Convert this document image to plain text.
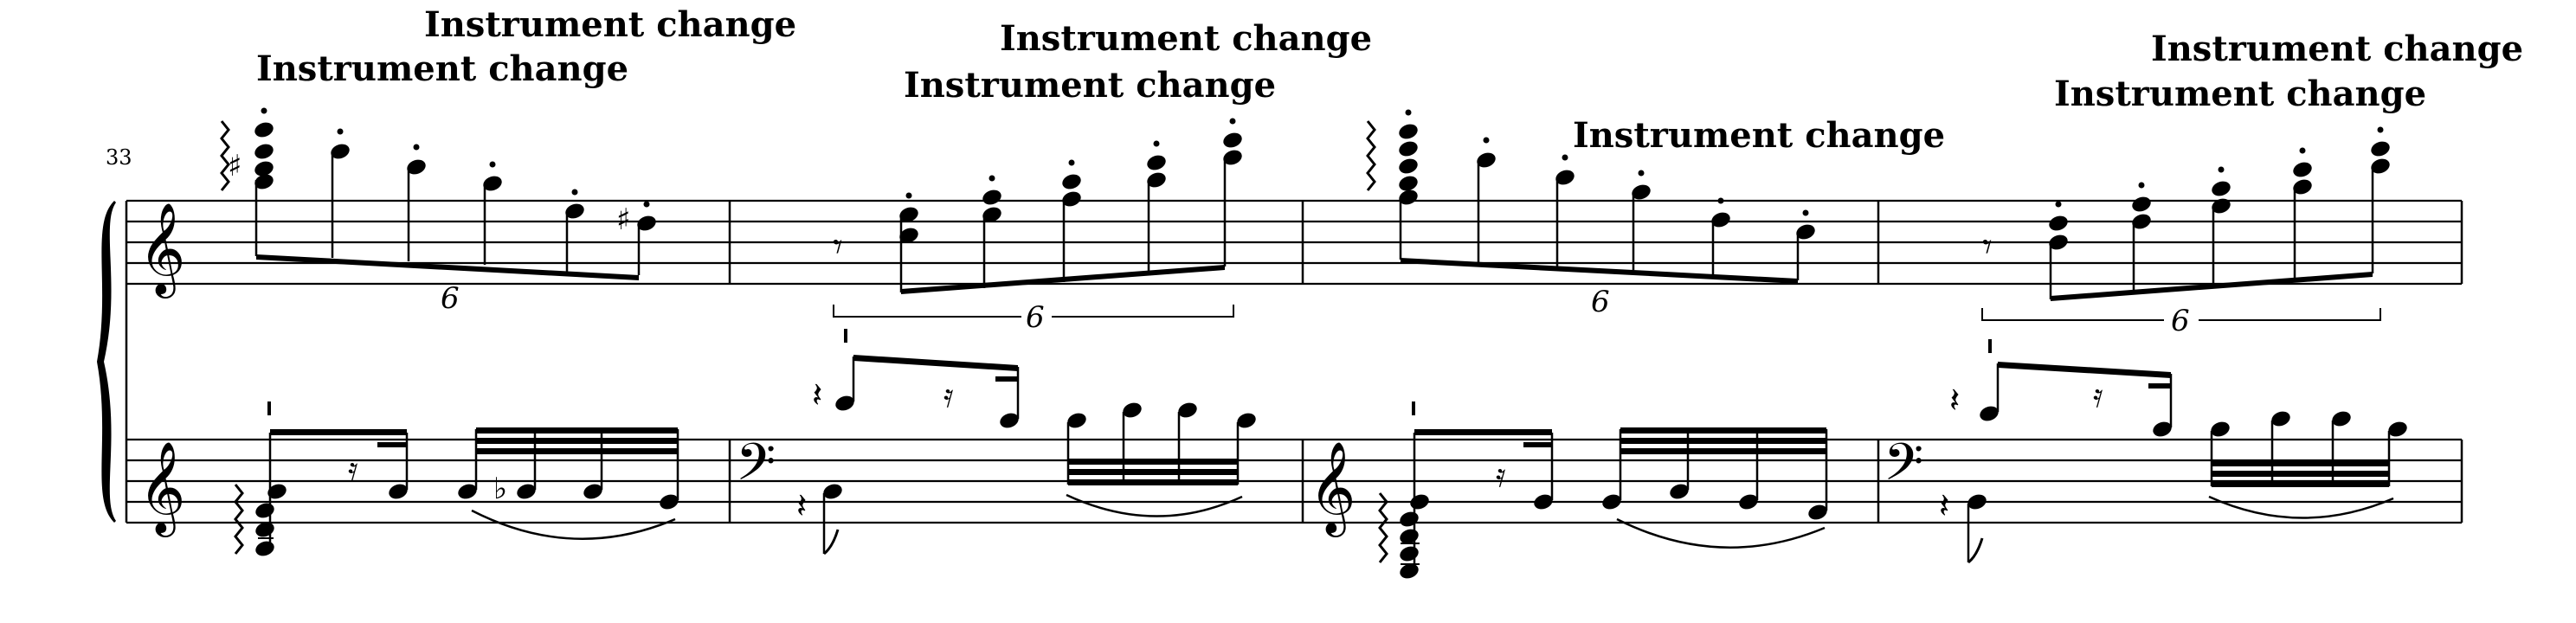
33
Instrument change
Instrument change
Instrument change
Instrument change
Instrument change
Instrument change
Instrument change
𝄞
𝄞	𝄢	𝄞	𝄢
♯
♯
6
𝄾
6	6
𝄾
6
𝄿
♭
𝄽	𝄿
𝄽
𝄿
𝄽	𝄿
𝄽
